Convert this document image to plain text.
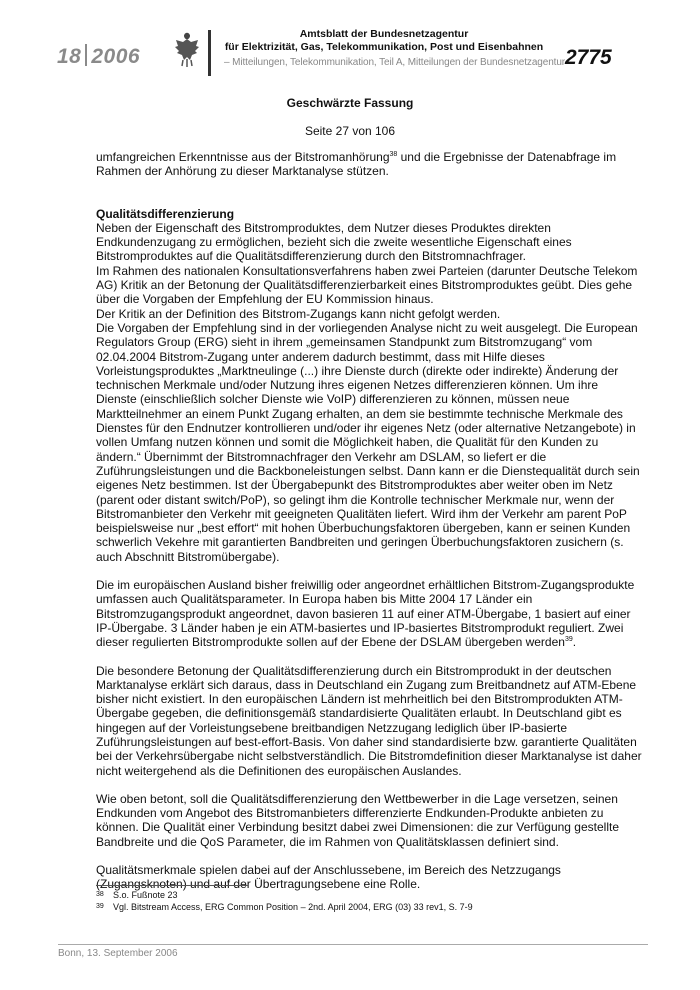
18 2006
Amtsblatt der Bundesnetzagentur
für Elektrizität, Gas, Telekommunikation, Post und Eisenbahnen
– Mitteilungen, Telekommunikation, Teil A, Mitteilungen der Bundesnetzagentur –
2775
Geschwärzte Fassung
Seite 27 von 106

umfangreichen Erkenntnisse aus der Bitstromanhörung$^{38}$ und die Ergebnisse der Datenabfrage im Rahmen der Anhörung zu dieser Marktanalyse stützen.

Qualitätsdifferenzierung

Neben der Eigenschaft des Bitstromproduktes, dem Nutzer dieses Produktes direkten Endkundenzugang zu ermöglichen, bezieht sich die zweite wesentliche Eigenschaft eines Bitstromproduktes auf die Qualitätsdifferenzierung durch den Bitstromnachfrager.

Im Rahmen des nationalen Konsultationsverfahrens haben zwei Parteien (darunter Deutsche Telekom AG) Kritik an der Betonung der Qualitätsdifferenzierbarkeit eines Bitstromproduktes geübt. Dies gehe über die Vorgaben der Empfehlung der EU Kommission hinaus.

Der Kritik an der Definition des Bitstrom-Zugangs kann nicht gefolgt werden.

Die Vorgaben der Empfehlung sind in der vorliegenden Analyse nicht zu weit ausgelegt. Die European Regulators Group (ERG) sieht in ihrem „gemeinsamen Standpunkt zum Bitstromzugang“ vom 02.04.2004 Bitstrom-Zugang unter anderem dadurch bestimmt, dass mit Hilfe dieses Vorleistungsproduktes „Marktneulinge (...) ihre Dienste durch (direkte oder indirekte) Änderung der technischen Merkmale und/oder Nutzung ihres eigenen Netzes differenzieren können. Um ihre Dienste (einschließlich solcher Dienste wie VoIP) differenzieren zu können, müssen neue Marktteilnehmer an einem Punkt Zugang erhalten, an dem sie bestimmte technische Merkmale des Dienstes für den Endnutzer kontrollieren und/oder ihr eigenes Netz (oder alternative Netzangebote) in vollen Umfang nutzen können und somit die Möglichkeit haben, die Qualität für den Kunden zu ändern.“ Übernimmt der Bitstromnachfrager den Verkehr am DSLAM, so liefert er die Zuführungsleistungen und die Backboneleistungen selbst. Dann kann er die Dienstequalität durch sein eigenes Netz bestimmen. Ist der Übergabepunkt des Bitstromproduktes aber weiter oben im Netz (parent oder distant switch/PoP), so gelingt ihm die Kontrolle technischer Merkmale nur, wenn der Bitstromanbieter den Verkehr mit geeigneten Qualitäten liefert. Wird ihm der Verkehr am parent PoP beispielsweise nur „best effort“ mit hohen Überbuchungsfaktoren übergeben, kann er seinen Kunden schwerlich Vekehre mit garantierten Bandbreiten und geringen Überbuchungsfaktoren zusichern (s. auch Abschnitt Bitstromübergabe).

Die im europäischen Ausland bisher freiwillig oder angeordnet erhältlichen Bitstrom-Zugangsprodukte umfassen auch Qualitätsparameter. In Europa haben bis Mitte 2004 17 Länder ein Bitstromzugangsprodukt angeordnet, davon basieren 11 auf einer ATM-Übergabe, 1 basiert auf einer IP-Übergabe. 3 Länder haben je ein ATM-basiertes und IP-basiertes Bitstromprodukt reguliert. Zwei dieser regulierten Bitstromprodukte sollen auf der Ebene der DSLAM übergeben werden$^{39}$.

Die besondere Betonung der Qualitätsdifferenzierung durch ein Bitstromprodukt in der deutschen Marktanalyse erklärt sich daraus, dass in Deutschland ein Zugang zum Breitbandnetz auf ATM-Ebene bisher nicht existiert. In den europäischen Ländern ist mehrheitlich bei den Bitstromprodukten ATM-Übergabe gegeben, die definitionsgemäß standardisierte Qualitäten erlaubt. In Deutschland gibt es hingegen auf der Vorleistungsebene breitbandigen Netzzugang lediglich über IP-basierte Zuführungsleistungen auf best-effort-Basis. Von daher sind standardisierte bzw. garantierte Qualitäten bei der Verkehrsübergabe nicht selbstverständlich. Die Bitstromdefinition dieser Marktanalyse ist daher nicht weitergehend als die Definitionen des europäischen Auslandes.

Wie oben betont, soll die Qualitätsdifferenzierung den Wettbewerber in die Lage versetzen, seinen Endkunden vom Angebot des Bitstromanbieters differenzierte Endkunden-Produkte anbieten zu können. Die Qualität einer Verbindung besitzt dabei zwei Dimensionen: die zur Verfügung gestellte Bandbreite und die QoS Parameter, die im Rahmen von Qualitätsklassen definiert sind.

Qualitätsmerkmale spielen dabei auf der Anschlussebene, im Bereich des Netzzugangs (Zugangsknoten) und auf der Übertragungsebene eine Rolle.

38	S.o. Fußnote 23
39	Vgl. Bitstream Access, ERG Common Position – 2nd. April 2004, ERG (03) 33 rev1, S. 7-9
Bonn, 13. September 2006
